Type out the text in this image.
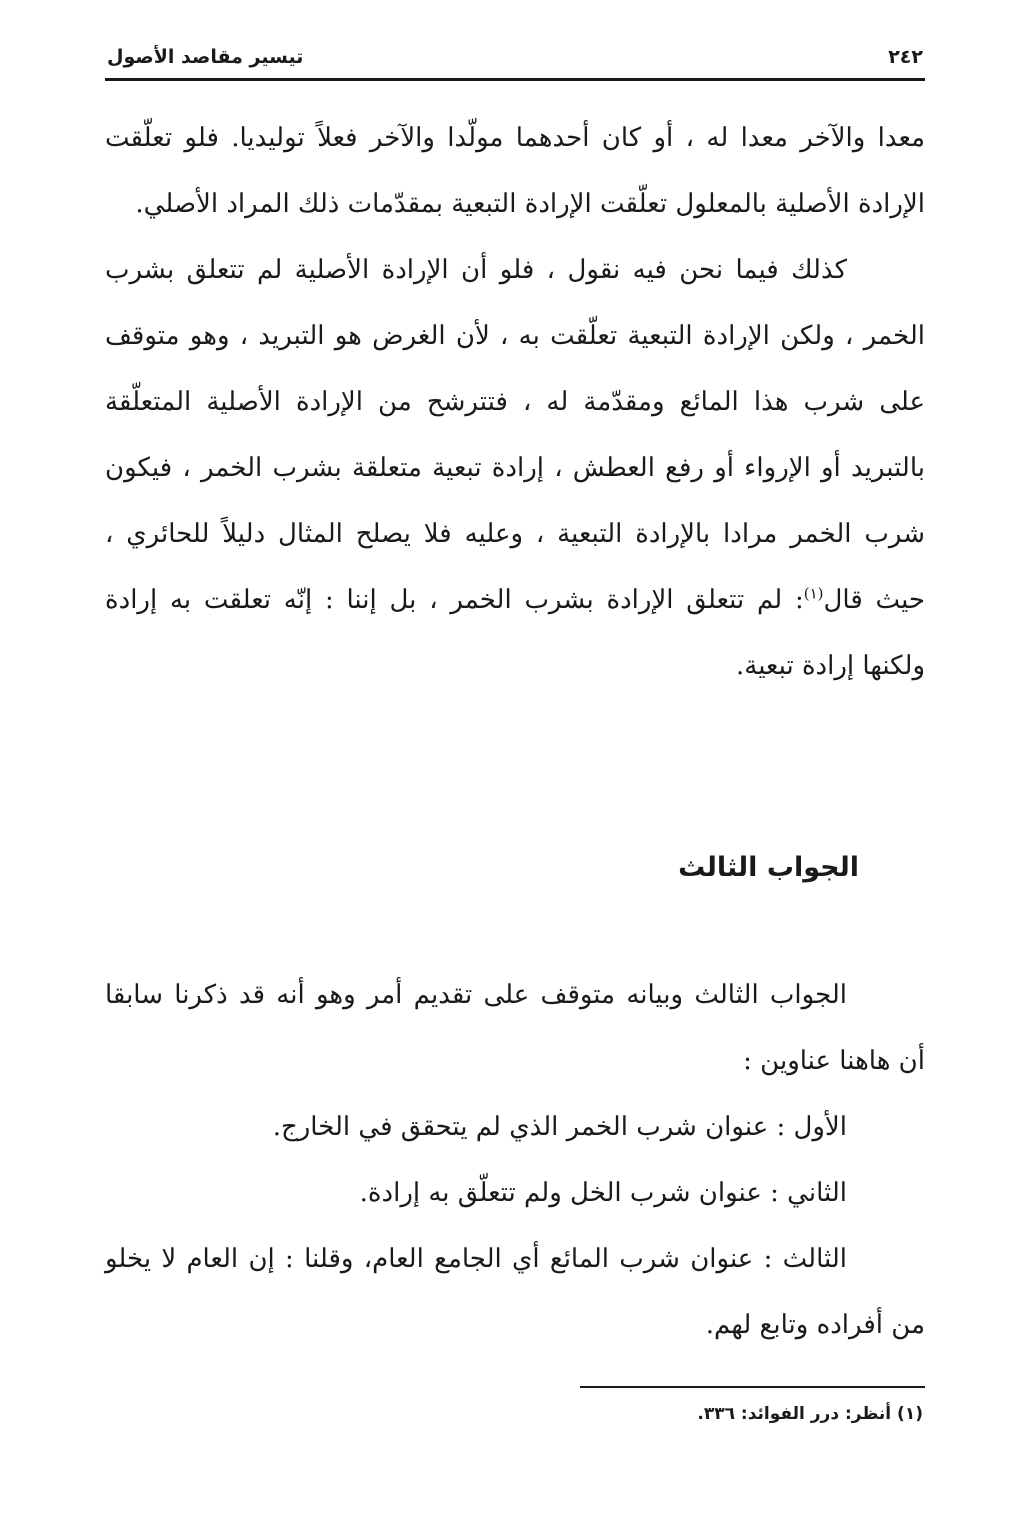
٢٤٢
تيسير مقاصد الأصول

معدا والآخر معدا له ، أو كان أحدهما مولّدا والآخر فعلاً توليديا. فلو تعلّقت الإرادة الأصلية بالمعلول تعلّقت الإرادة التبعية بمقدّمات ذلك المراد الأصلي.

كذلك فيما نحن فيه نقول ، فلو أن الإرادة الأصلية لم تتعلق بشرب الخمر ، ولكن الإرادة التبعية تعلّقت به ، لأن الغرض هو التبريد ، وهو متوقف على شرب هذا المائع ومقدّمة له ، فتترشح من الإرادة الأصلية المتعلّقة بالتبريد أو الإرواء أو رفع العطش ، إرادة تبعية متعلقة بشرب الخمر ، فيكون شرب الخمر مرادا بالإرادة التبعية ، وعليه فلا يصلح المثال دليلاً للحائري ، حيث قال$^{(١)}$: لم تتعلق الإرادة بشرب الخمر ، بل إننا : إنّه تعلقت به إرادة ولكنها إرادة تبعية.

الجواب الثالث

الجواب الثالث وبيانه متوقف على تقديم أمر وهو أنه قد ذكرنا سابقا أن هاهنا عناوين :

الأول : عنوان شرب الخمر الذي لم يتحقق في الخارج.

الثاني : عنوان شرب الخل ولم تتعلّق به إرادة.

الثالث : عنوان شرب المائع أي الجامع العام، وقلنا : إن العام لا يخلو من أفراده وتابع لهم.

(١) أنظر: درر الفوائد: ٣٣٦.
